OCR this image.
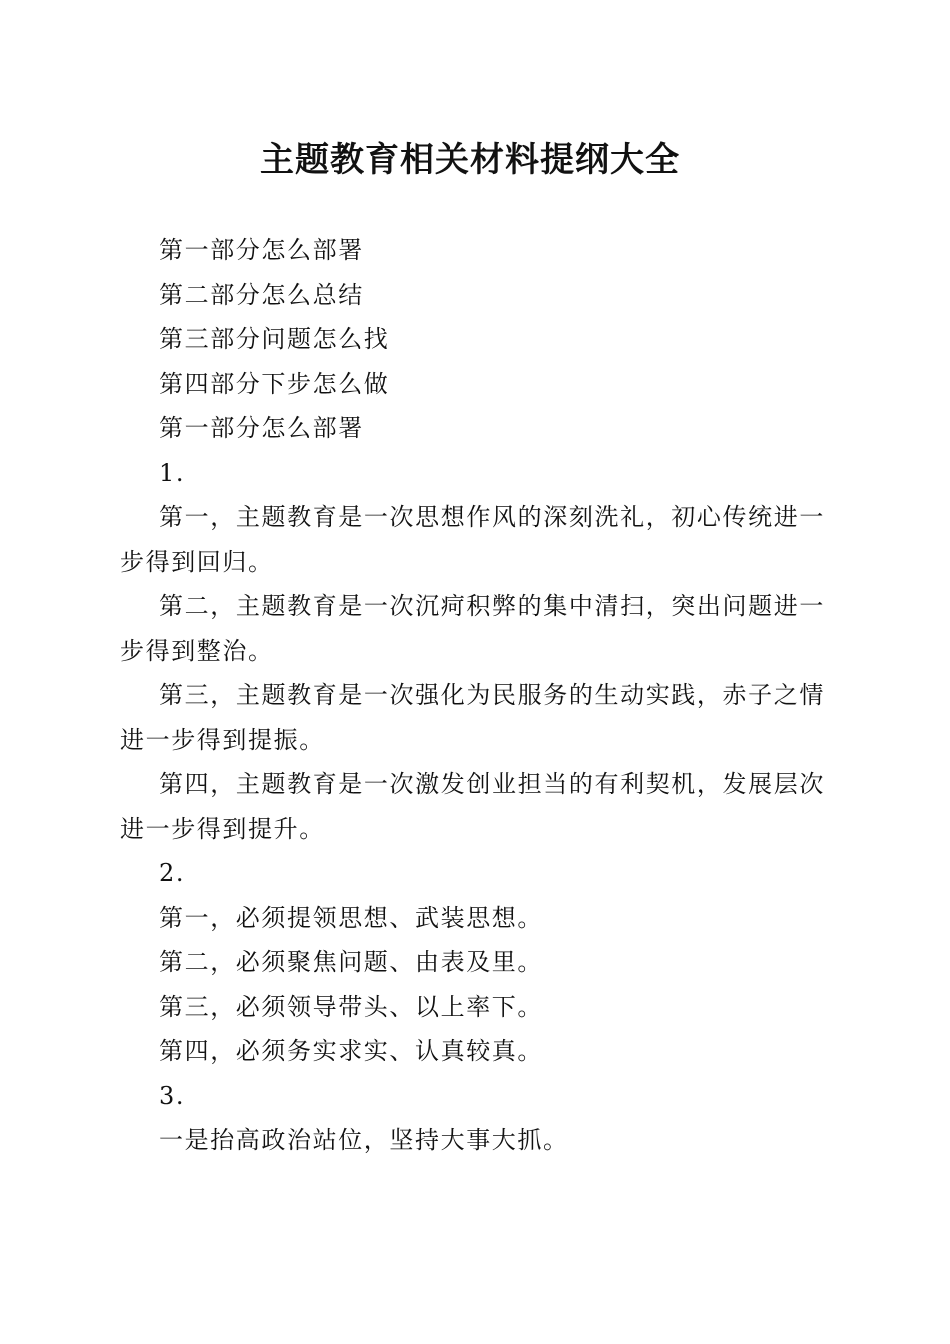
主题教育相关材料提纲大全

第一部分怎么部署

第二部分怎么总结

第三部分问题怎么找

第四部分下步怎么做

第一部分怎么部署

1.

第一，主题教育是一次思想作风的深刻洗礼，初心传统进一步得到回归。

第二，主题教育是一次沉疴积弊的集中清扫，突出问题进一步得到整治。

第三，主题教育是一次强化为民服务的生动实践，赤子之情进一步得到提振。

第四，主题教育是一次激发创业担当的有利契机，发展层次进一步得到提升。

2.

第一，必须提领思想、武装思想。

第二，必须聚焦问题、由表及里。

第三，必须领导带头、以上率下。

第四，必须务实求实、认真较真。

3.

一是抬高政治站位，坚持大事大抓。
